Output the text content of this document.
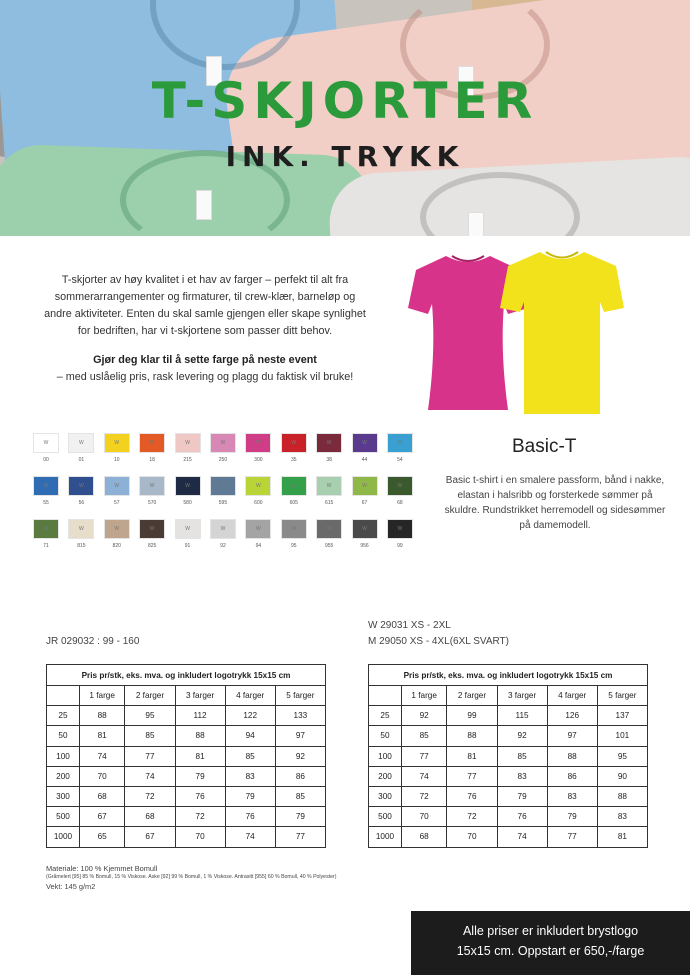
T-SKJORTER
INK. TRYKK

T-skjorter av høy kvalitet i et hav av farger – perfekt til alt fra sommerarrangementer og firmaturer, til crew-klær, barneløp og andre aktiviteter. Enten du skal samle gjengen eller skape synlighet for bedriften, har vi t-skjortene som passer ditt behov.

Gjør deg klar til å sette farge på neste event

– med uslåelig pris, rask levering og plagg du faktisk vil bruke!

W
00
W
01
W
10
W
18
W
215
W
250
W
300
W
35
W
38
W
44
W
54
W
55
W
56
W
57
W
570
W
580
W
595
W
600
W
605
W
615
W
67
W
68
W
71
W
815
W
820
W
825
W
91
W
92
W
94
W
95
W
955
W
956
W
99
Basic-T
Basic t-shirt i en smalere passform, bånd i nakke, elastan i halsribb og forsterkede sømmer på skuldre. Rundstrikket herremodell og sidesømmer på damemodell.
JR 029032 : 99 - 160
W 29031 XS - 2XL
M 29050 XS - 4XL(6XL SVART)
Pris pr/stk, eks. mva. og inkludert logotrykk 15x15 cm					
	1 farge	2 farger	3 farger	4 farger	5 farger
25	88	95	112	122	133
50	81	85	88	94	97
100	74	77	81	85	92
200	70	74	79	83	86
300	68	72	76	79	85
500	67	68	72	76	79
1000	65	67	70	74	77
Pris pr/stk, eks. mva. og inkludert logotrykk 15x15 cm					
	1 farge	2 farger	3 farger	4 farger	5 farger
25	92	99	115	126	137
50	85	88	92	97	101
100	77	81	85	88	95
200	74	77	83	86	90
300	72	76	79	83	88
500	70	72	76	79	83
1000	68	70	74	77	81
Materiale: 100 % Kjemmet Bomull
(Gråmelert [95] 85 % Bomull, 15 % Viskose. Aske [92] 99 % Bomull, 1 % Viskose. Antrasitt [955] 60 % Bomull, 40 % Polyester)
Vekt: 145 g/m2
Alle priser er inkludert brystlogo
15x15 cm. Oppstart er 650,-/farge
